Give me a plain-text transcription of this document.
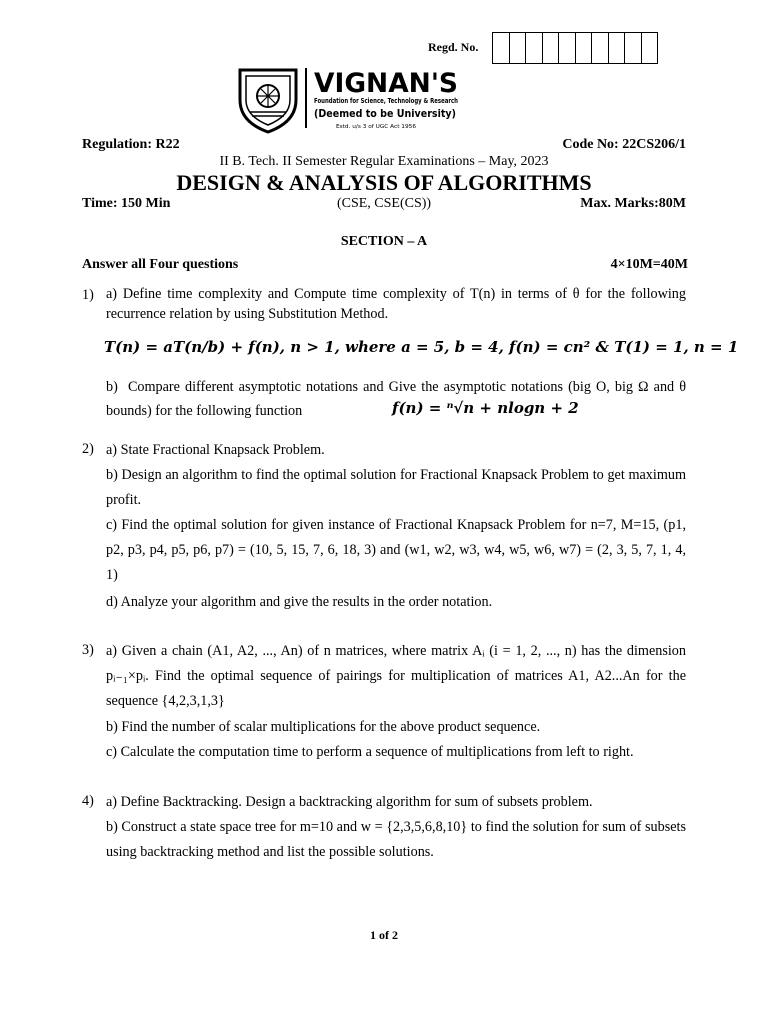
Regd. No.
VIGNAN'S
Foundation for Science, Technology & Research
(Deemed to be University)
Estd. u/s 3 of UGC Act 1956
Regulation: R22	Code No: 22CS206/1
II B. Tech. II Semester Regular Examinations – May, 2023
DESIGN & ANALYSIS OF ALGORITHMS
Time: 150 Min	(CSE, CSE(CS))	Max. Marks:80M
SECTION – A
Answer all Four questions	4×10M=40M
1) a) Define time complexity and Compute time complexity of T(n) in terms of θ for the following recurrence relation by using Substitution Method.
T(n) = aT(n/b) + f(n), n > 1, where a = 5, b = 4, f(n) = cn² & T(1) = 1, n = 1
b)  Compare different asymptotic notations and Give the asymptotic notations (big O, big Ω and θ bounds) for the following function	f(n) = ⁿ√n + nlogn + 2
2) a) State Fractional Knapsack Problem.
b) Design an algorithm to find the optimal solution for Fractional Knapsack Problem to get maximum profit.
c) Find the optimal solution for given instance of Fractional Knapsack Problem for n=7, M=15, (p1, p2, p3, p4, p5, p6, p7) = (10, 5, 15, 7, 6, 18, 3) and (w1, w2, w3, w4, w5, w6, w7) = (2, 3, 5, 7, 1, 4, 1)
d) Analyze your algorithm and give the results in the order notation.
3) a) Given a chain (A1, A2, ..., An) of n matrices, where matrix Aᵢ (i = 1, 2, ..., n) has the dimension pᵢ₋₁×pᵢ. Find the optimal sequence of pairings for multiplication of matrices A1, A2...An for the sequence {4,2,3,1,3}
b) Find the number of scalar multiplications for the above product sequence.
c) Calculate the computation time to perform a sequence of multiplications from left to right.
4) a) Define Backtracking. Design a backtracking algorithm for sum of subsets problem.
b) Construct a state space tree for m=10 and w = {2,3,5,6,8,10} to find the solution for sum of subsets using backtracking method and list the possible solutions.
1 of 2
